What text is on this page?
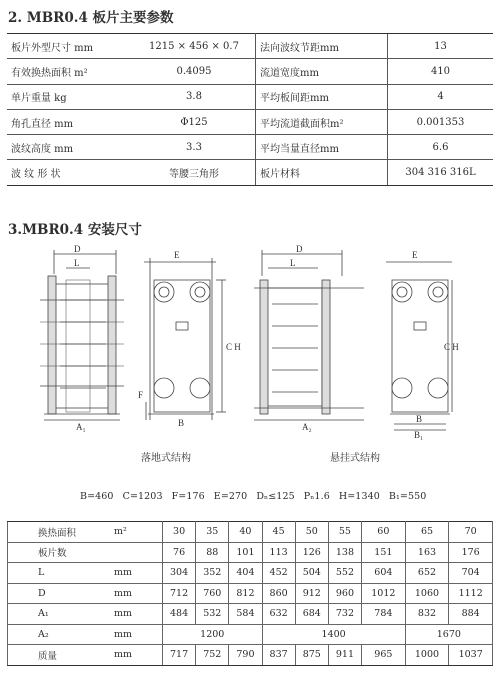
2. MBR0.4 板片主要参数
板片外型尺寸 mm	1215 × 456 × 0.7	法向波纹节距mm	13
有效换热面积 m²	0.4095	流道宽度mm	410
单片重量 kg	3.8	平均板间距mm	4
角孔直径 mm	Φ125	平均流道截面积m²	0.001353
波纹高度 mm	3.3	平均当量直径mm	6.6
波 纹 形 状	等腰三角形	板片材料	304 316 316L
3.MBR0.4 安装尺寸
D
L
A₁
E
C H
F
B
D
L
A₂
E
C H
B
B₁
落地式结构	悬挂式结构
B=460 C=1203 F=176 E=270 Dₙ≤125 Pₙ1.6 H=1340 B₁=550
换热面积	m²	30	35	40	45	50	55	60	65	70
板片数		76	88	101	113	126	138	151	163	176
L	mm	304	352	404	452	504	552	604	652	704
D	mm	712	760	812	860	912	960	1012	1060	1112
A₁	mm	484	532	584	632	684	732	784	832	884
A₂	mm	1200			1400				1670	
质量	mm	717	752	790	837	875	911	965	1000	1037
